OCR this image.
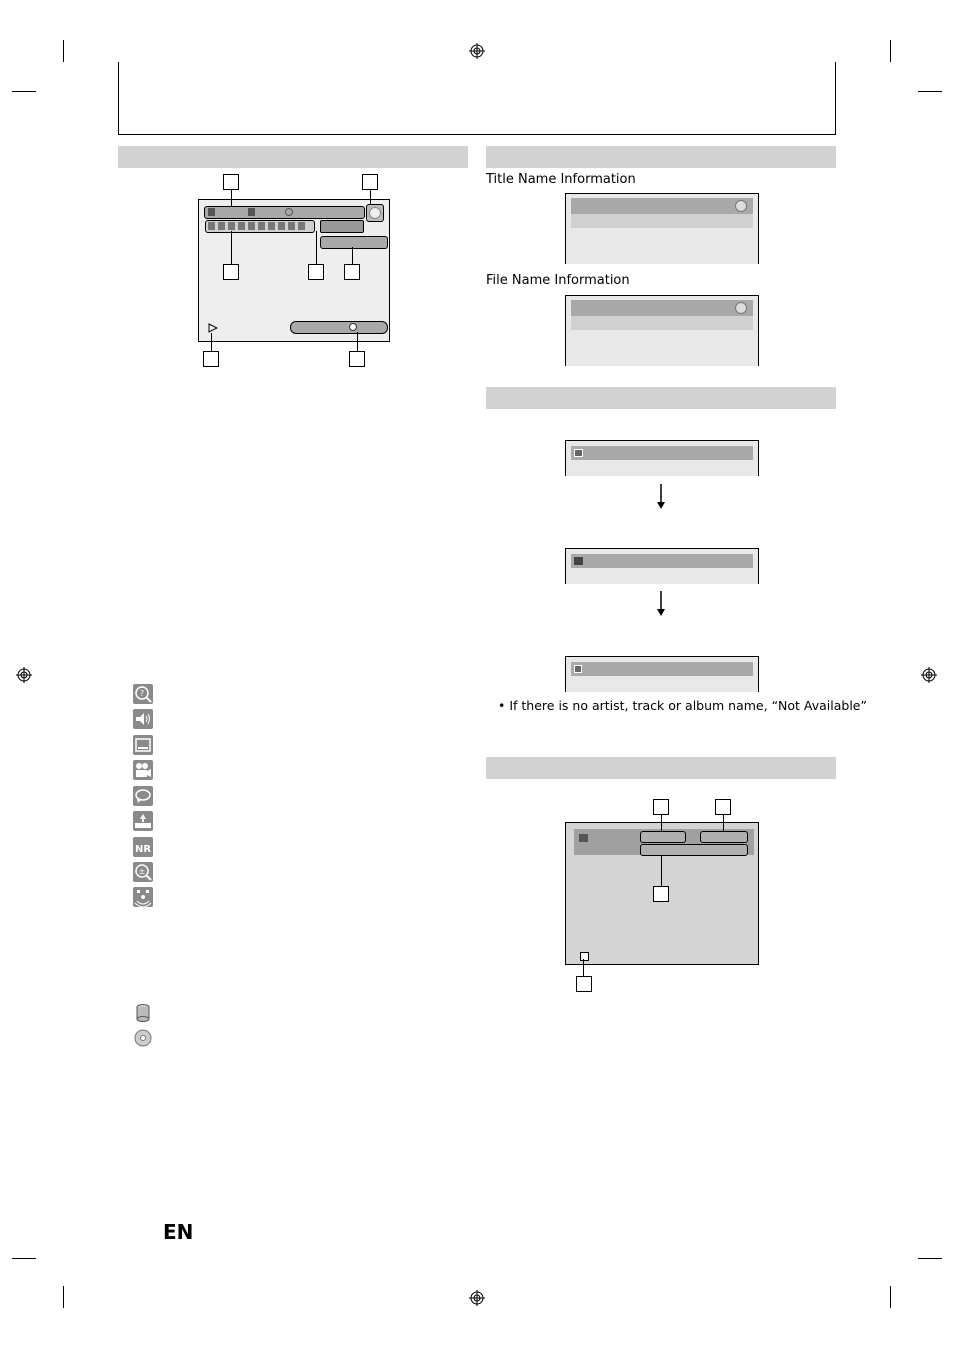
?
NR
±
Title Name Information
File Name Information
• If there is no artist, track or album name, “Not Available”
EN
